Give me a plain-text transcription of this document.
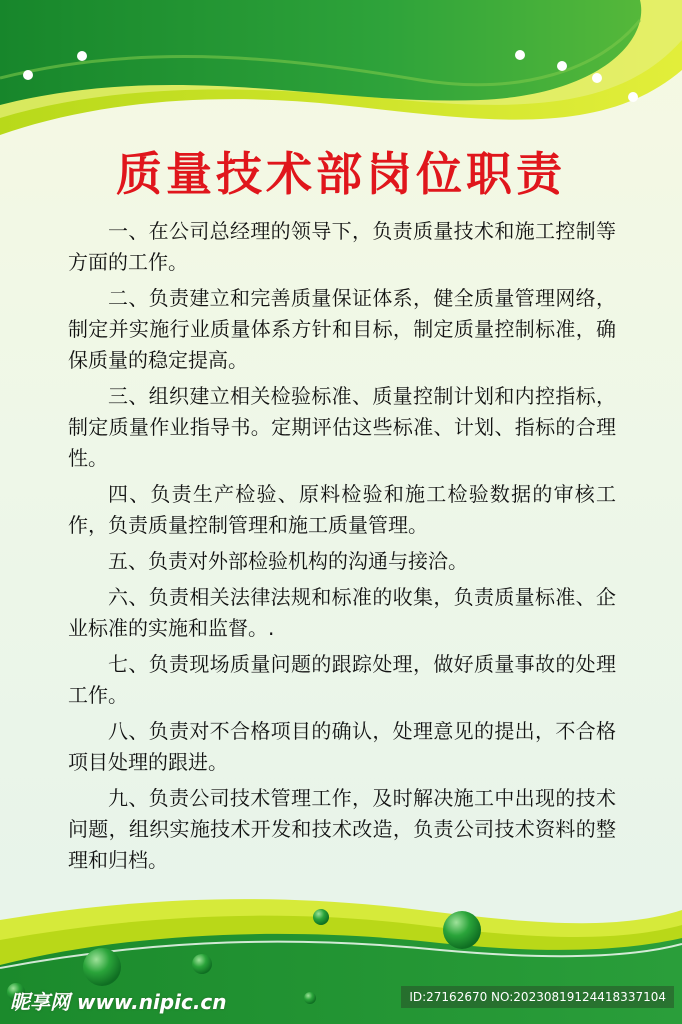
质量技术部岗位职责

一、在公司总经理的领导下，负责质量技术和施工控制等方面的工作。

二、负责建立和完善质量保证体系，健全质量管理网络，制定并实施行业质量体系方针和目标，制定质量控制标准，确保质量的稳定提高。

三、组织建立相关检验标准、质量控制计划和内控指标，制定质量作业指导书。定期评估这些标准、计划、指标的合理性。

四、负责生产检验、原料检验和施工检验数据的审核工作，负责质量控制管理和施工质量管理。

五、负责对外部检验机构的沟通与接洽。

六、负责相关法律法规和标准的收集，负责质量标准、企业标准的实施和监督。.

七、负责现场质量问题的跟踪处理，做好质量事故的处理工作。

八、负责对不合格项目的确认，处理意见的提出，不合格项目处理的跟进。

九、负责公司技术管理工作，及时解决施工中出现的技术问题，组织实施技术开发和技术改造，负责公司技术资料的整理和归档。

昵享网 www.nipic.cn	ID:27162670 NO:20230819124418337104
